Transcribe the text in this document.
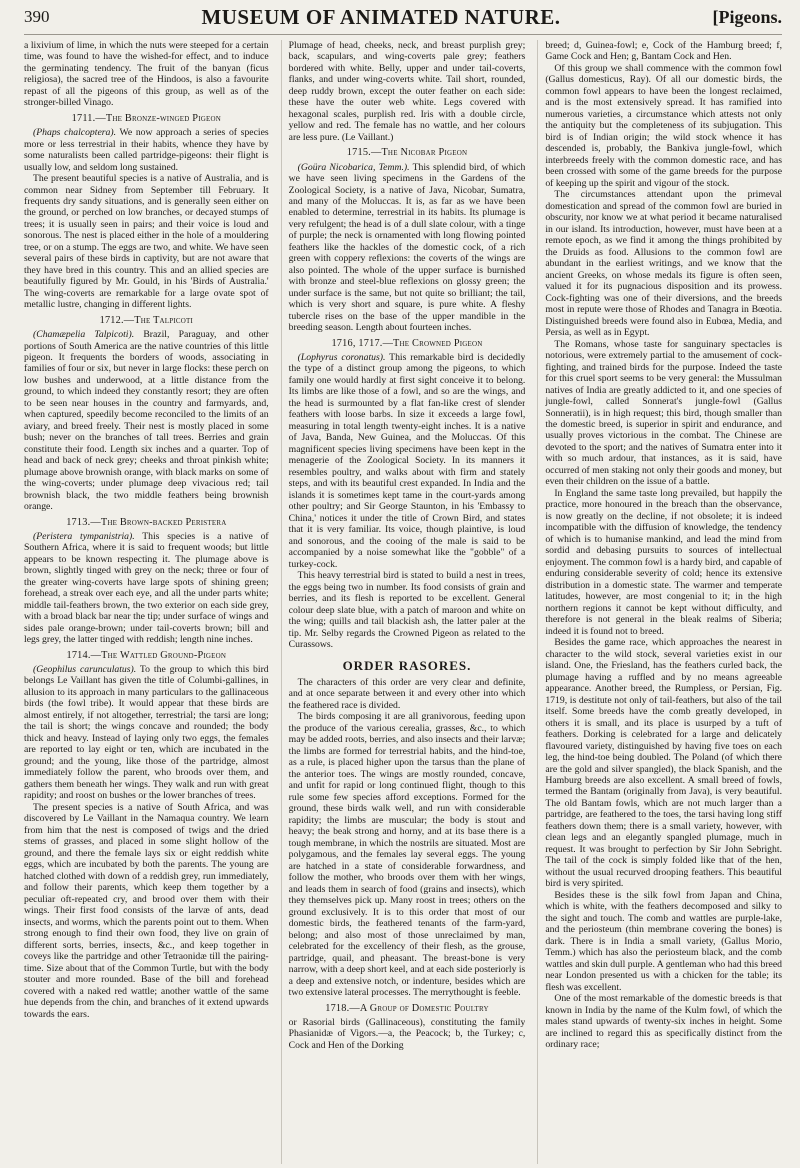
390	MUSEUM OF ANIMATED NATURE.	[Pigeons.

a lixivium of lime, in which the nuts were steeped for a certain time, was found to have the wished-for effect, and to induce the germinating tendency. The fruit of the banyan (ficus religiosa), the sacred tree of the Hindoos, is also a favourite repast of all the pigeons of this group, as well as of the stronger-billed Vinago.

1711.—The Bronze-winged Pigeon

(Phaps chalcoptera). We now approach a series of species more or less terrestrial in their habits, whence they have by some naturalists been called partridge-pigeons: their flight is usually low, and seldom long sustained.

The present beautiful species is a native of Australia, and is common near Sidney from September till February. It frequents dry sandy situations, and is generally seen either on the ground, or perched on low branches, or decayed stumps of trees; it is usually seen in pairs; and their voice is loud and sonorous. The nest is placed either in the hole of a mouldering tree, or on a stump. The eggs are two, and white. We have seen several pairs of these birds in captivity, but are not aware that they have bred in this country. This and an allied species are beautifully figured by Mr. Gould, in his 'Birds of Australia.' The wing-coverts are remarkable for a large ovate spot of metallic lustre, changing in different lights.

1712.—The Talpicoti

(Chamæpelia Talpicoti). Brazil, Paraguay, and other portions of South America are the native countries of this little pigeon. It frequents the borders of woods, associating in families of four or six, but never in large flocks: these perch on low bushes and underwood, at a little distance from the ground, to which indeed they constantly resort; they are often to be seen near houses in the country and farmyards, and, when captured, speedily become reconciled to the limits of an aviary, and breed freely. Their nest is mostly placed in some bush; never on the branches of tall trees. Berries and grain constitute their food. Length six inches and a quarter. Top of head and back of neck grey; cheeks and throat pinkish white; plumage above brownish orange, with black marks on some of the wing-coverts; under plumage deep vivacious red; tail brownish black, the two middle feathers being brownish orange.

1713.—The Brown-backed Peristera

(Peristera tympanistria). This species is a native of Southern Africa, where it is said to frequent woods; but little appears to be known respecting it. The plumage above is brown, slightly tinged with grey on the neck; three or four of the greater wing-coverts have large spots of shining green; forehead, a streak over each eye, and all the under parts white; middle tail-feathers brown, the two exterior on each side grey, with a broad black bar near the tip; under surface of wings and sides pale orange-brown; under tail-coverts brown; bill and legs grey, the latter tinged with reddish; length nine inches.

1714.—The Wattled Ground-Pigeon

(Geophilus carunculatus). To the group to which this bird belongs Le Vaillant has given the title of Columbi-gallines, in allusion to its approach in many particulars to the gallinaceous birds (the fowl tribe). It would appear that these birds are almost entirely, if not altogether, terrestrial; the tarsi are long; the tail is short; the wings concave and rounded; the body thick and heavy. Instead of laying only two eggs, the females are reported to lay eight or ten, which are incubated in the ground; and the young, like those of the partridge, almost immediately follow the parent, who broods over them, and gathers them beneath her wings. They walk and run with great rapidity; and roost on bushes or the lower branches of trees.

The present species is a native of South Africa, and was discovered by Le Vaillant in the Namaqua country. We learn from him that the nest is composed of twigs and the dried stems of grasses, and placed in some slight hollow of the ground, and there the female lays six or eight reddish white eggs, which are incubated by both the parents. The young are hatched clothed with down of a reddish grey, run immediately, and follow their parents, which keep them together by a peculiar oft-repeated cry, and brood over them with their wings. Their first food consists of the larvæ of ants, dead insects, and worms, which the parents point out to them. When strong enough to find their own food, they live on grain of different sorts, berries, insects, &c., and keep together in coveys like the partridge and other Tetraonidæ till the pairing-time. Size about that of the Common Turtle, but with the body stouter and more rounded. Base of the bill and forehead covered with a naked red wattle; another wattle of the same hue depends from the chin, and branches of it extend upwards towards the ears.

Plumage of head, cheeks, neck, and breast purplish grey; back, scapulars, and wing-coverts pale grey; feathers bordered with white. Belly, upper and under tail-coverts, flanks, and under wing-coverts white. Tail short, rounded, deep ruddy brown, except the outer feather on each side: these have the outer web white. Legs covered with hexagonal scales, purplish red. Iris with a double circle, yellow and red. The female has no wattle, and her colours are less pure. (Le Vaillant.)

1715.—The Nicobar Pigeon

(Goüra Nicobarica, Temm.). This splendid bird, of which we have seen living specimens in the Gardens of the Zoological Society, is a native of Java, Nicobar, Sumatra, and many of the Moluccas. It is, as far as we have been enabled to determine, terrestrial in its habits. Its plumage is very refulgent; the head is of a dull slate colour, with a tinge of purple; the neck is ornamented with long flowing pointed feathers like the hackles of the domestic cock, of a rich green with coppery reflexions: the coverts of the wings are also pointed. The whole of the upper surface is burnished with bronze and steel-blue reflexions on glossy green; the under surface is the same, but not quite so brilliant; the tail, which is very short and square, is pure white. A fleshy tubercle rises on the base of the upper mandible in the breeding season. Length about fourteen inches.

1716, 1717.—The Crowned Pigeon

(Lophyrus coronatus). This remarkable bird is decidedly the type of a distinct group among the pigeons, to which family one would hardly at first sight conceive it to belong. Its limbs are like those of a fowl, and so are the wings, and the head is surmounted by a flat fan-like crest of slender feathers with loose barbs. In size it exceeds a large fowl, measuring in total length twenty-eight inches. It is a native of Java, Banda, New Guinea, and the Moluccas. Of this magnificent species living specimens have been kept in the menagerie of the Zoological Society. In its manners it resembles poultry, and walks about with firm and stately steps, and with its beautiful crest expanded. In India and the islands it is sometimes kept tame in the court-yards among other poultry; and Sir George Staunton, in his 'Embassy to China,' notices it under the title of Crown Bird, and states that it is very familiar. Its voice, though plaintive, is loud and sonorous, and the cooing of the male is said to be accompanied by a noise somewhat like the "gobble" of a turkey-cock.

This heavy terrestrial bird is stated to build a nest in trees, the eggs being two in number. Its food consists of grain and berries, and its flesh is reported to be excellent. General colour deep slate blue, with a patch of maroon and white on the wing; quills and tail blackish ash, the latter paler at the tip. Mr. Selby regards the Crowned Pigeon as related to the Curassows.

ORDER RASORES.

The characters of this order are very clear and definite, and at once separate between it and every other into which the feathered race is divided.

The birds composing it are all granivorous, feeding upon the produce of the various cerealia, grasses, &c., to which may be added roots, berries, and also insects and their larvæ; the limbs are formed for terrestrial habits, and the hind-toe, as a rule, is placed higher upon the tarsus than the plane of the anterior toes. The wings are mostly rounded, concave, and unfit for rapid or long continued flight, though to this rule some few species afford exceptions. Formed for the ground, these birds walk well, and run with considerable rapidity; the limbs are muscular; the body is stout and heavy; the beak strong and horny, and at its base there is a tough membrane, in which the nostrils are situated. Most are polygamous, and the females lay several eggs. The young are hatched in a state of considerable forwardness, and follow the mother, who broods over them with her wings, and leads them in search of food (grains and insects), which they themselves pick up. Many roost in trees; others on the ground exclusively. It is to this order that most of our domestic birds, the feathered tenants of the farm-yard, belong; and also most of those unreclaimed by man, celebrated for the excellency of their flesh, as the grouse, partridge, quail, and pheasant. The breast-bone is very narrow, with a deep short keel, and at each side posteriorly is a deep and extensive notch, or indenture, besides which are two extensive lateral processes. The merrythought is feeble.

1718.—A Group of Domestic Poultry

or Rasorial birds (Gallinaceous), constituting the family Phasianidæ of Vigors.—a, the Peacock; b, the Turkey; c, Cock and Hen of the Dorking

breed; d, Guinea-fowl; e, Cock of the Hamburg breed; f, Game Cock and Hen; g, Bantam Cock and Hen.

Of this group we shall commence with the common fowl (Gallus domesticus, Ray). Of all our domestic birds, the common fowl appears to have been the longest reclaimed, and is the most extensively spread. It has ramified into numerous varieties, a circumstance which attests not only the antiquity but the completeness of its subjugation. This bird is of Indian origin; the wild stock whence it has descended is, probably, the Bankiva jungle-fowl, which interbreeds freely with the common domestic race, and has been crossed with some of the game breeds for the purpose of keeping up the spirit and vigour of the stock.

The circumstances attendant upon the primeval domestication and spread of the common fowl are buried in obscurity, nor know we at what period it became naturalised in our island. Its introduction, however, must have been at a remote epoch, as we find it among the things prohibited by the Druids as food. Allusions to the common fowl are abundant in the earliest writings, and we know that the ancient Greeks, on whose medals its figure is often seen, valued it for its pugnacious disposition and its prowess. Cock-fighting was one of their diversions, and the breeds most in repute were those of Rhodes and Tanagra in Bœotia. Distinguished breeds were found also in Eubœa, Media, and Persia, as well as in Egypt.

The Romans, whose taste for sanguinary spectacles is notorious, were extremely partial to the amusement of cock-fighting, and trained birds for the purpose. Indeed the taste for this cruel sport seems to be very general: the Mussulman natives of India are greatly addicted to it, and one species of jungle-fowl, called Sonnerat's jungle-fowl (Gallus Sonneratii), is in high request; this bird, though smaller than the domestic breed, is superior in spirit and endurance, and usually proves victorious in the combat. The Chinese are devoted to the sport; and the natives of Sumatra enter into it with so much ardour, that instances, as it is said, have occurred of men staking not only their goods and money, but even their children on the issue of a battle.

In England the same taste long prevailed, but happily the practice, more honoured in the breach than the observance, is now greatly on the decline, if not obsolete; it is indeed incompatible with the diffusion of knowledge, the tendency of which is to humanise mankind, and lead the mind from sordid and debasing pursuits to sources of intellectual enjoyment. The common fowl is a hardy bird, and capable of enduring considerable severity of cold; hence its extensive distribution in a domestic state. The warmer and temperate latitudes, however, are most congenial to it; in the high northern regions it cannot be kept without difficulty, and therefore is not general in the bleak realms of Siberia; indeed it is found not to breed.

Besides the game race, which approaches the nearest in character to the wild stock, several varieties exist in our island. One, the Friesland, has the feathers curled back, the plumage having a ruffled and by no means agreeable appearance. Another breed, the Rumpless, or Persian, Fig. 1719, is destitute not only of tail-feathers, but also of the tail itself. Some breeds have the comb greatly developed, in others it is small, and its place is usurped by a tuft of feathers. Dorking is celebrated for a large and delicately flavoured variety, distinguished by having five toes on each leg, the hind-toe being doubled. The Poland (of which there are the gold and silver spangled), the black Spanish, and the Hamburg breeds are also excellent. A small breed of fowls, termed the Bantam (originally from Java), is very beautiful. The old Bantam fowls, which are not much larger than a partridge, are feathered to the toes, the tarsi having long stiff feathers down them; there is a small variety, however, with clean legs and an elegantly spangled plumage, much in request. It was brought to perfection by Sir John Sebright. The tail of the cock is simply folded like that of the hen, without the usual recurved drooping feathers. This beautiful bird is very spirited.

Besides these is the silk fowl from Japan and China, which is white, with the feathers decomposed and silky to the sight and touch. The comb and wattles are purple-lake, and the periosteum (thin membrane covering the bones) is dark. There is in India a small variety, (Gallus Morio, Temm.) which has also the periosteum black, and the comb wattles and skin dull purple. A gentleman who had this breed near London presented us with a chicken for the table; its flesh was excellent.

One of the most remarkable of the domestic breeds is that known in India by the name of the Kulm fowl, of which the males stand upwards of twenty-six inches in height. Some are inclined to regard this as specifically distinct from the ordinary race;
